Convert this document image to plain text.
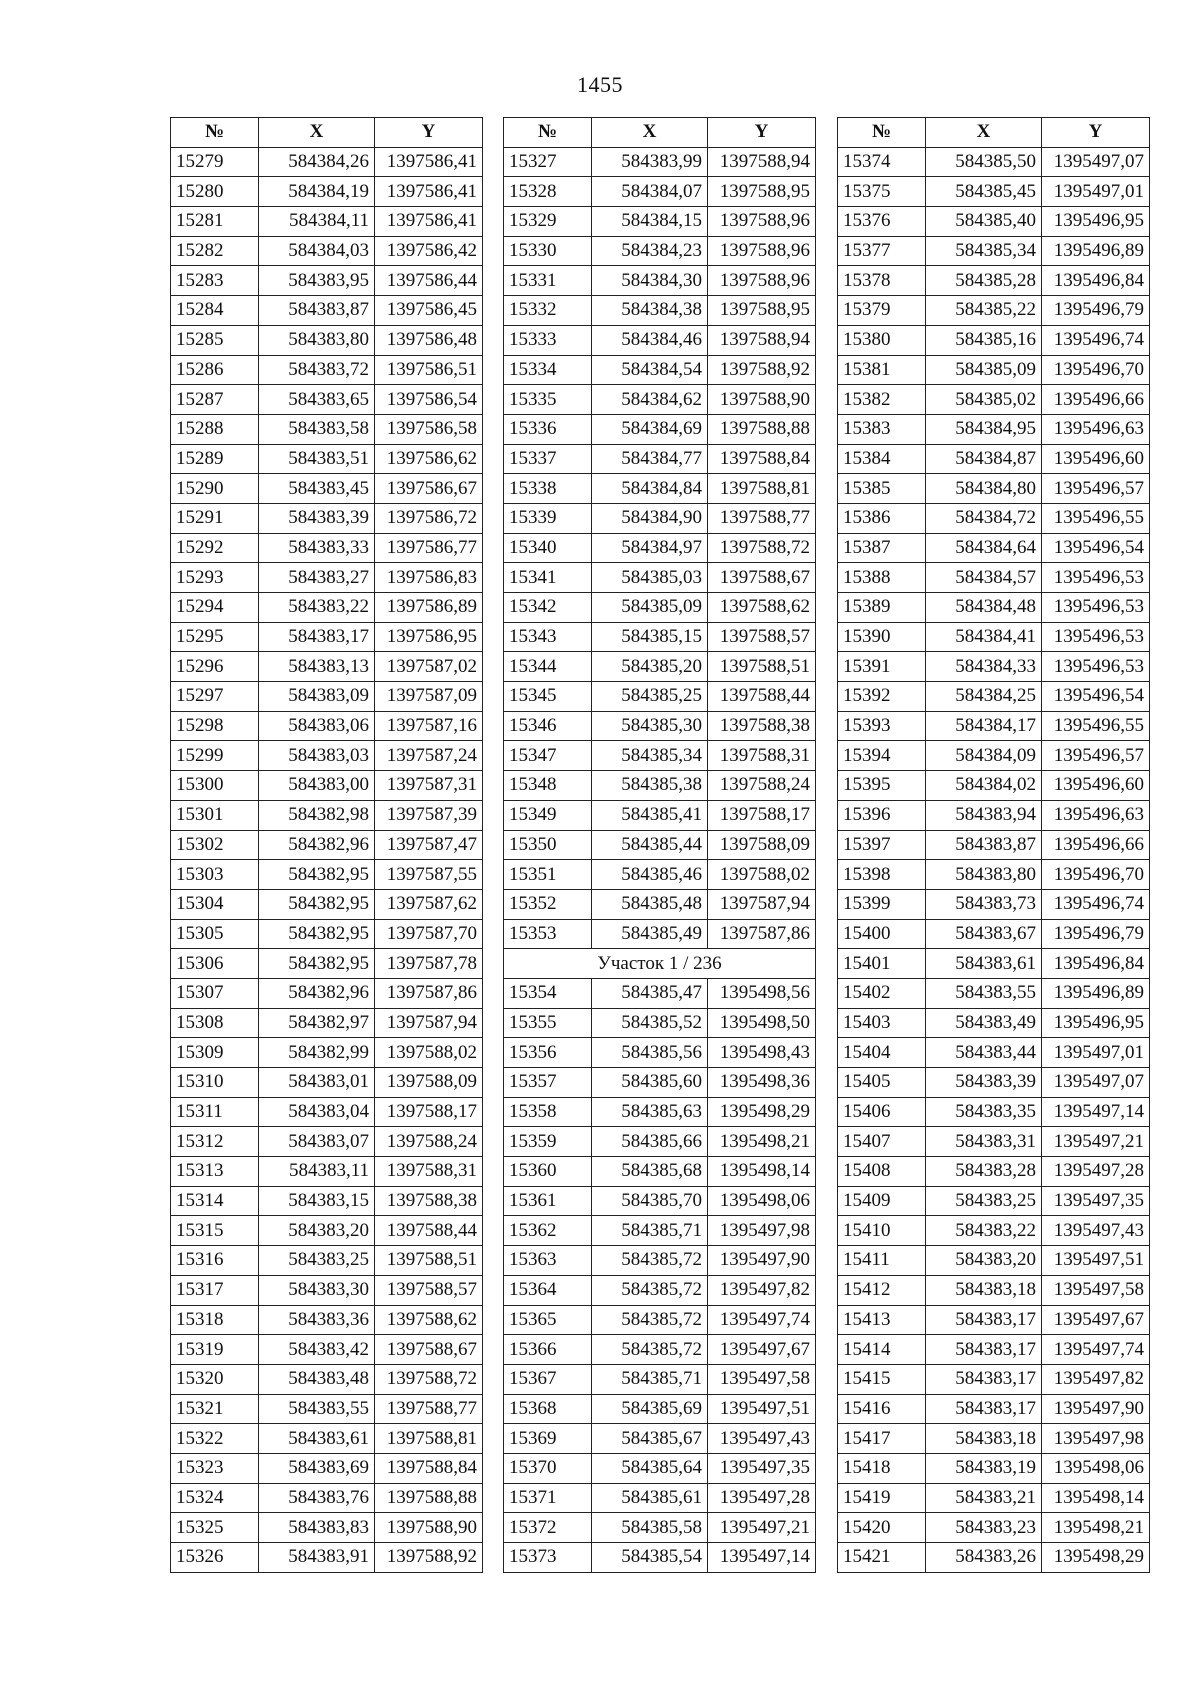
1455
№	X	Y
15279	584384,26	1397586,41
15280	584384,19	1397586,41
15281	584384,11	1397586,41
15282	584384,03	1397586,42
15283	584383,95	1397586,44
15284	584383,87	1397586,45
15285	584383,80	1397586,48
15286	584383,72	1397586,51
15287	584383,65	1397586,54
15288	584383,58	1397586,58
15289	584383,51	1397586,62
15290	584383,45	1397586,67
15291	584383,39	1397586,72
15292	584383,33	1397586,77
15293	584383,27	1397586,83
15294	584383,22	1397586,89
15295	584383,17	1397586,95
15296	584383,13	1397587,02
15297	584383,09	1397587,09
15298	584383,06	1397587,16
15299	584383,03	1397587,24
15300	584383,00	1397587,31
15301	584382,98	1397587,39
15302	584382,96	1397587,47
15303	584382,95	1397587,55
15304	584382,95	1397587,62
15305	584382,95	1397587,70
15306	584382,95	1397587,78
15307	584382,96	1397587,86
15308	584382,97	1397587,94
15309	584382,99	1397588,02
15310	584383,01	1397588,09
15311	584383,04	1397588,17
15312	584383,07	1397588,24
15313	584383,11	1397588,31
15314	584383,15	1397588,38
15315	584383,20	1397588,44
15316	584383,25	1397588,51
15317	584383,30	1397588,57
15318	584383,36	1397588,62
15319	584383,42	1397588,67
15320	584383,48	1397588,72
15321	584383,55	1397588,77
15322	584383,61	1397588,81
15323	584383,69	1397588,84
15324	584383,76	1397588,88
15325	584383,83	1397588,90
15326	584383,91	1397588,92
№	X	Y
15327	584383,99	1397588,94
15328	584384,07	1397588,95
15329	584384,15	1397588,96
15330	584384,23	1397588,96
15331	584384,30	1397588,96
15332	584384,38	1397588,95
15333	584384,46	1397588,94
15334	584384,54	1397588,92
15335	584384,62	1397588,90
15336	584384,69	1397588,88
15337	584384,77	1397588,84
15338	584384,84	1397588,81
15339	584384,90	1397588,77
15340	584384,97	1397588,72
15341	584385,03	1397588,67
15342	584385,09	1397588,62
15343	584385,15	1397588,57
15344	584385,20	1397588,51
15345	584385,25	1397588,44
15346	584385,30	1397588,38
15347	584385,34	1397588,31
15348	584385,38	1397588,24
15349	584385,41	1397588,17
15350	584385,44	1397588,09
15351	584385,46	1397588,02
15352	584385,48	1397587,94
15353	584385,49	1397587,86
Участок 1 / 236		
15354	584385,47	1395498,56
15355	584385,52	1395498,50
15356	584385,56	1395498,43
15357	584385,60	1395498,36
15358	584385,63	1395498,29
15359	584385,66	1395498,21
15360	584385,68	1395498,14
15361	584385,70	1395498,06
15362	584385,71	1395497,98
15363	584385,72	1395497,90
15364	584385,72	1395497,82
15365	584385,72	1395497,74
15366	584385,72	1395497,67
15367	584385,71	1395497,58
15368	584385,69	1395497,51
15369	584385,67	1395497,43
15370	584385,64	1395497,35
15371	584385,61	1395497,28
15372	584385,58	1395497,21
15373	584385,54	1395497,14
№	X	Y
15374	584385,50	1395497,07
15375	584385,45	1395497,01
15376	584385,40	1395496,95
15377	584385,34	1395496,89
15378	584385,28	1395496,84
15379	584385,22	1395496,79
15380	584385,16	1395496,74
15381	584385,09	1395496,70
15382	584385,02	1395496,66
15383	584384,95	1395496,63
15384	584384,87	1395496,60
15385	584384,80	1395496,57
15386	584384,72	1395496,55
15387	584384,64	1395496,54
15388	584384,57	1395496,53
15389	584384,48	1395496,53
15390	584384,41	1395496,53
15391	584384,33	1395496,53
15392	584384,25	1395496,54
15393	584384,17	1395496,55
15394	584384,09	1395496,57
15395	584384,02	1395496,60
15396	584383,94	1395496,63
15397	584383,87	1395496,66
15398	584383,80	1395496,70
15399	584383,73	1395496,74
15400	584383,67	1395496,79
15401	584383,61	1395496,84
15402	584383,55	1395496,89
15403	584383,49	1395496,95
15404	584383,44	1395497,01
15405	584383,39	1395497,07
15406	584383,35	1395497,14
15407	584383,31	1395497,21
15408	584383,28	1395497,28
15409	584383,25	1395497,35
15410	584383,22	1395497,43
15411	584383,20	1395497,51
15412	584383,18	1395497,58
15413	584383,17	1395497,67
15414	584383,17	1395497,74
15415	584383,17	1395497,82
15416	584383,17	1395497,90
15417	584383,18	1395497,98
15418	584383,19	1395498,06
15419	584383,21	1395498,14
15420	584383,23	1395498,21
15421	584383,26	1395498,29
